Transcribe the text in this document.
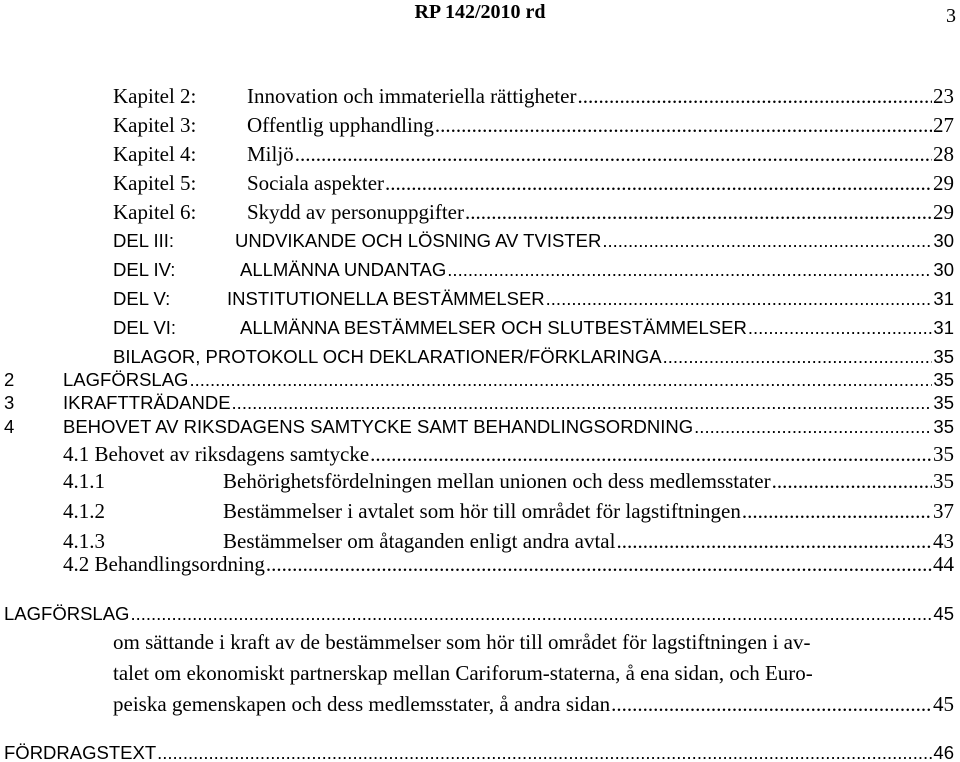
RP 142/2010 rd	3
Kapitel 2:	Innovation och immateriella rättigheter .....	23
Kapitel 3:	Offentlig upphandling .....	27
Kapitel 4:	Miljö .....	28
Kapitel 5:	Sociala aspekter .....	29
Kapitel 6:	Skydd av personuppgifter .....	29
DEL III:	UNDVIKANDE OCH LÖSNING AV TVISTER .....	30
DEL IV:	ALLMÄNNA UNDANTAG .....	30
DEL V:	INSTITUTIONELLA BESTÄMMELSER .....	31
DEL VI:	ALLMÄNNA BESTÄMMELSER OCH SLUTBESTÄMMELSER .....	31
BILAGOR, PROTOKOLL OCH DEKLARATIONER/FÖRKLARINGA .....	35
2	LAGFÖRSLAG .....	35
3	IKRAFTTRÄDANDE .....	35
4	BEHOVET AV RIKSDAGENS SAMTYCKE SAMT BEHANDLINGSORDNING .....	35
4.1 Behovet av riksdagens samtycke .....	35
4.1.1	Behörighetsfördelningen mellan unionen och dess medlemsstater .....	35
4.1.2	Bestämmelser i avtalet som hör till området för lagstiftningen .....	37
4.1.3	Bestämmelser om åtaganden enligt andra avtal .....	43
4.2 Behandlingsordning .....	44
LAGFÖRSLAG .....	45
om sättande i kraft av de bestämmelser som hör till området för lagstiftningen i av-
talet om ekonomiskt partnerskap mellan Cariforum-staterna, å ena sidan, och Euro-
peiska gemenskapen och dess medlemsstater, å andra sidan .....	45
FÖRDRAGSTEXT .....	46
